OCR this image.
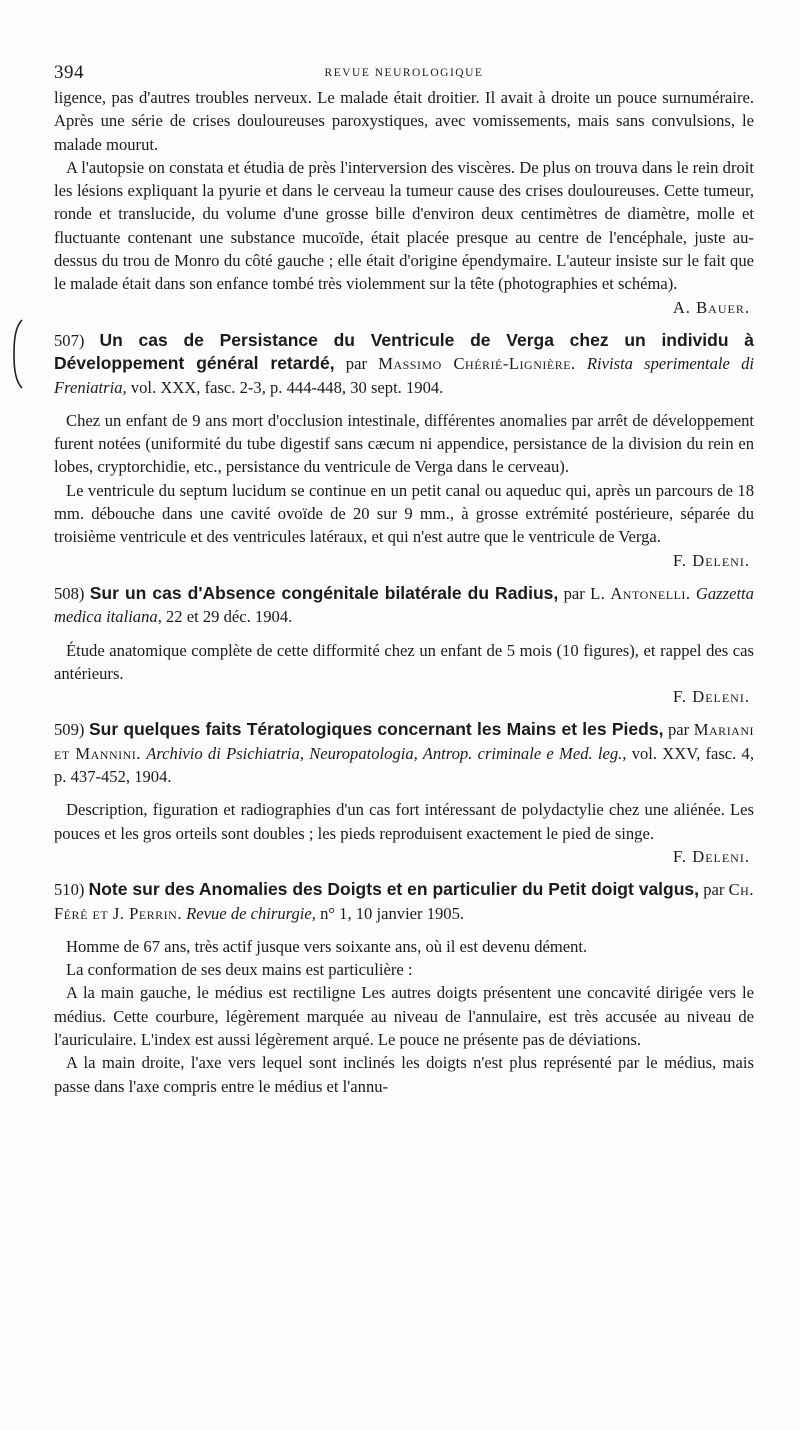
394	REVUE NEUROLOGIQUE

ligence, pas d'autres troubles nerveux. Le malade était droitier. Il avait à droite un pouce surnuméraire. Après une série de crises douloureuses paroxystiques, avec vomissements, mais sans convulsions, le malade mourut.

A l'autopsie on constata et étudia de près l'interversion des viscères. De plus on trouva dans le rein droit les lésions expliquant la pyurie et dans le cerveau la tumeur cause des crises douloureuses. Cette tumeur, ronde et translucide, du volume d'une grosse bille d'environ deux centimètres de diamètre, molle et fluctuante contenant une substance mucoïde, était placée presque au centre de l'encéphale, juste au-dessus du trou de Monro du côté gauche ; elle était d'origine épendymaire. L'auteur insiste sur le fait que le malade était dans son enfance tombé très violemment sur la tête (photographies et schéma).

A. Bauer.

507) Un cas de Persistance du Ventricule de Verga chez un individu à Développement général retardé, par Massimo Chérié-Lignière. Rivista sperimentale di Freniatria, vol. XXX, fasc. 2-3, p. 444-448, 30 sept. 1904.

Chez un enfant de 9 ans mort d'occlusion intestinale, différentes anomalies par arrêt de développement furent notées (uniformité du tube digestif sans cæcum ni appendice, persistance de la division du rein en lobes, cryptorchidie, etc., persistance du ventricule de Verga dans le cerveau).

Le ventricule du septum lucidum se continue en un petit canal ou aqueduc qui, après un parcours de 18 mm. débouche dans une cavité ovoïde de 20 sur 9 mm., à grosse extrémité postérieure, séparée du troisième ventricule et des ventricules latéraux, et qui n'est autre que le ventricule de Verga.

F. Deleni.

508) Sur un cas d'Absence congénitale bilatérale du Radius, par L. Antonelli. Gazzetta medica italiana, 22 et 29 déc. 1904.

Étude anatomique complète de cette difformité chez un enfant de 5 mois (10 figures), et rappel des cas antérieurs.

F. Deleni.

509) Sur quelques faits Tératologiques concernant les Mains et les Pieds, par Mariani et Mannini. Archivio di Psichiatria, Neuropatologia, Antrop. criminale e Med. leg., vol. XXV, fasc. 4, p. 437-452, 1904.

Description, figuration et radiographies d'un cas fort intéressant de polydactylie chez une aliénée. Les pouces et les gros orteils sont doubles ; les pieds reproduisent exactement le pied de singe.

F. Deleni.

510) Note sur des Anomalies des Doigts et en particulier du Petit doigt valgus, par Ch. Féré et J. Perrin. Revue de chirurgie, n° 1, 10 janvier 1905.

Homme de 67 ans, très actif jusque vers soixante ans, où il est devenu dément.

La conformation de ses deux mains est particulière :

A la main gauche, le médius est rectiligne Les autres doigts présentent une concavité dirigée vers le médius. Cette courbure, légèrement marquée au niveau de l'annulaire, est très accusée au niveau de l'auriculaire. L'index est aussi légèrement arqué. Le pouce ne présente pas de déviations.

A la main droite, l'axe vers lequel sont inclinés les doigts n'est plus représenté par le médius, mais passe dans l'axe compris entre le médius et l'annu-
